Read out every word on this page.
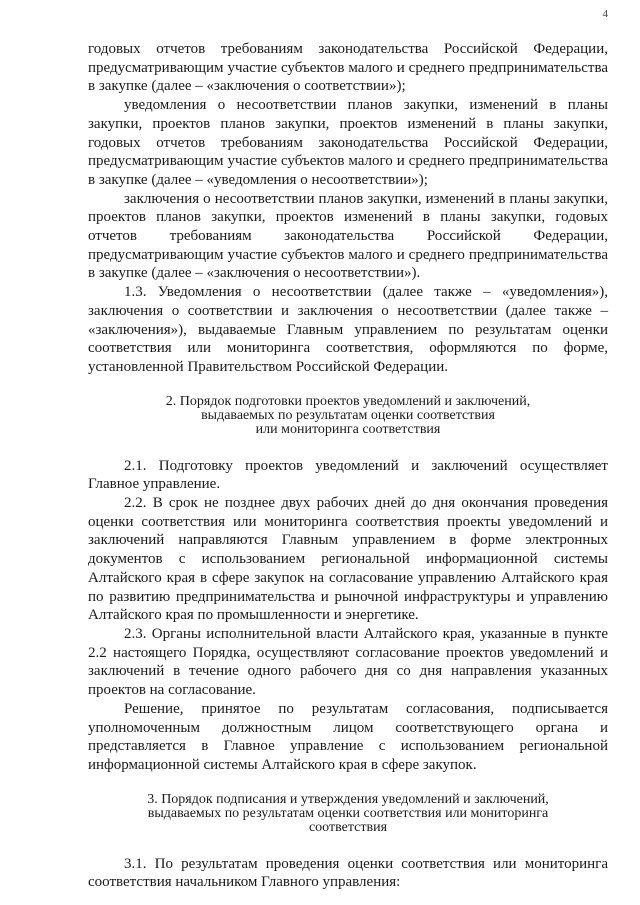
4

годовых отчетов требованиям законодательства Российской Федерации, предусматривающим участие субъектов малого и среднего предпринимательства в закупке (далее – «заключения о соответствии»);

уведомления о несоответствии планов закупки, изменений в планы закупки, проектов планов закупки, проектов изменений в планы закупки, годовых отчетов требованиям законодательства Российской Федерации, предусматривающим участие субъектов малого и среднего предпринимательства в закупке (далее – «уведомления о несоответствии»);

заключения о несоответствии планов закупки, изменений в планы закупки, проектов планов закупки, проектов изменений в планы закупки, годовых отчетов требованиям законодательства Российской Федерации, предусматривающим участие субъектов малого и среднего предпринимательства в закупке (далее – «заключения о несоответствии»).

1.3. Уведомления о несоответствии (далее также – «уведомления»), заключения о соответствии и заключения о несоответствии (далее также – «заключения»), выдаваемые Главным управлением по результатам оценки соответствия или мониторинга соответствия, оформляются по форме, установленной Правительством Российской Федерации.

2. Порядок подготовки проектов уведомлений и заключений,
выдаваемых по результатам оценки соответствия
или мониторинга соответствия

2.1. Подготовку проектов уведомлений и заключений осуществляет Главное управление.

2.2. В срок не позднее двух рабочих дней до дня окончания проведения оценки соответствия или мониторинга соответствия проекты уведомлений и заключений направляются Главным управлением в форме электронных документов с использованием региональной информационной системы Алтайского края в сфере закупок на согласование управлению Алтайского края по развитию предпринимательства и рыночной инфраструктуры и управлению Алтайского края по промышленности и энергетике.

2.3. Органы исполнительной власти Алтайского края, указанные в пункте 2.2 настоящего Порядка, осуществляют согласование проектов уведомлений и заключений в течение одного рабочего дня со дня направления указанных проектов на согласование.

Решение, принятое по результатам согласования, подписывается уполномоченным должностным лицом соответствующего органа и представляется в Главное управление с использованием региональной информационной системы Алтайского края в сфере закупок.

3. Порядок подписания и утверждения уведомлений и заключений,
выдаваемых по результатам оценки соответствия или мониторинга
соответствия

3.1. По результатам проведения оценки соответствия или мониторинга соответствия начальником Главного управления:
